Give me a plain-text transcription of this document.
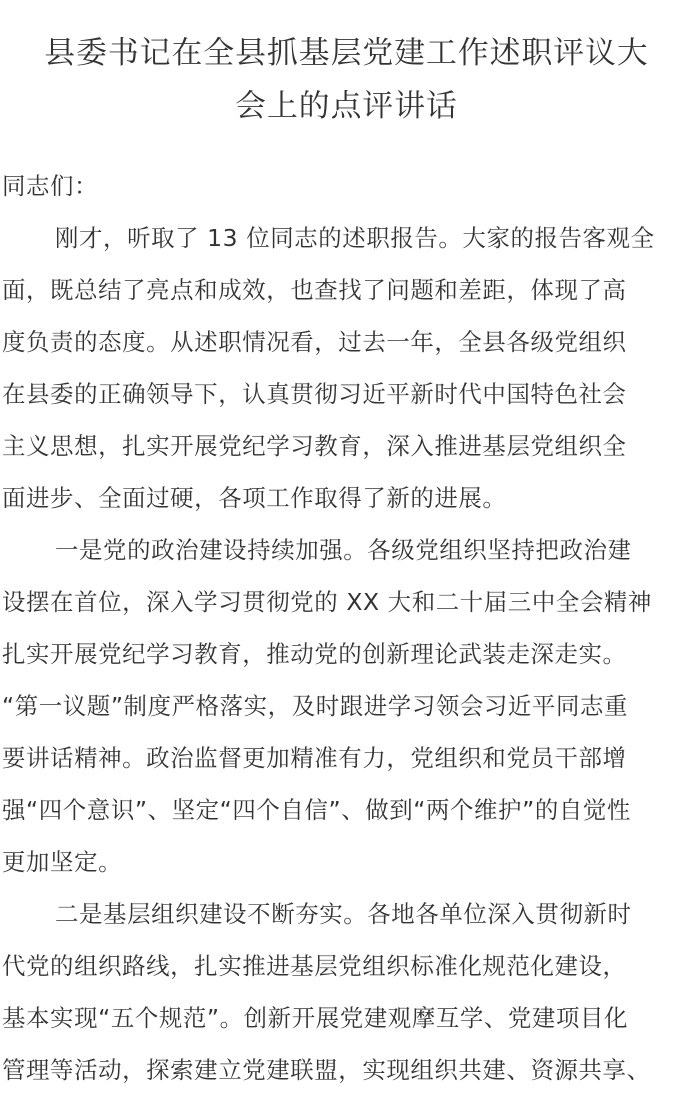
县委书记在全县抓基层党建工作述职评议大
会上的点评讲话
同志们：
刚才，听取了 13 位同志的述职报告。大家的报告客观全
面，既总结了亮点和成效，也查找了问题和差距，体现了高
度负责的态度。从述职情况看，过去一年，全县各级党组织
在县委的正确领导下，认真贯彻习近平新时代中国特色社会
主义思想，扎实开展党纪学习教育，深入推进基层党组织全
面进步、全面过硬，各项工作取得了新的进展。
一是党的政治建设持续加强。各级党组织坚持把政治建
设摆在首位，深入学习贯彻党的 XX 大和二十届三中全会精神
扎实开展党纪学习教育，推动党的创新理论武装走深走实。
“第一议题”制度严格落实，及时跟进学习领会习近平同志重
要讲话精神。政治监督更加精准有力，党组织和党员干部增
强“四个意识”、坚定“四个自信”、做到“两个维护”的自觉性
更加坚定。
二是基层组织建设不断夯实。各地各单位深入贯彻新时
代党的组织路线，扎实推进基层党组织标准化规范化建设，
基本实现“五个规范”。创新开展党建观摩互学、党建项目化
管理等活动，探索建立党建联盟，实现组织共建、资源共享、
